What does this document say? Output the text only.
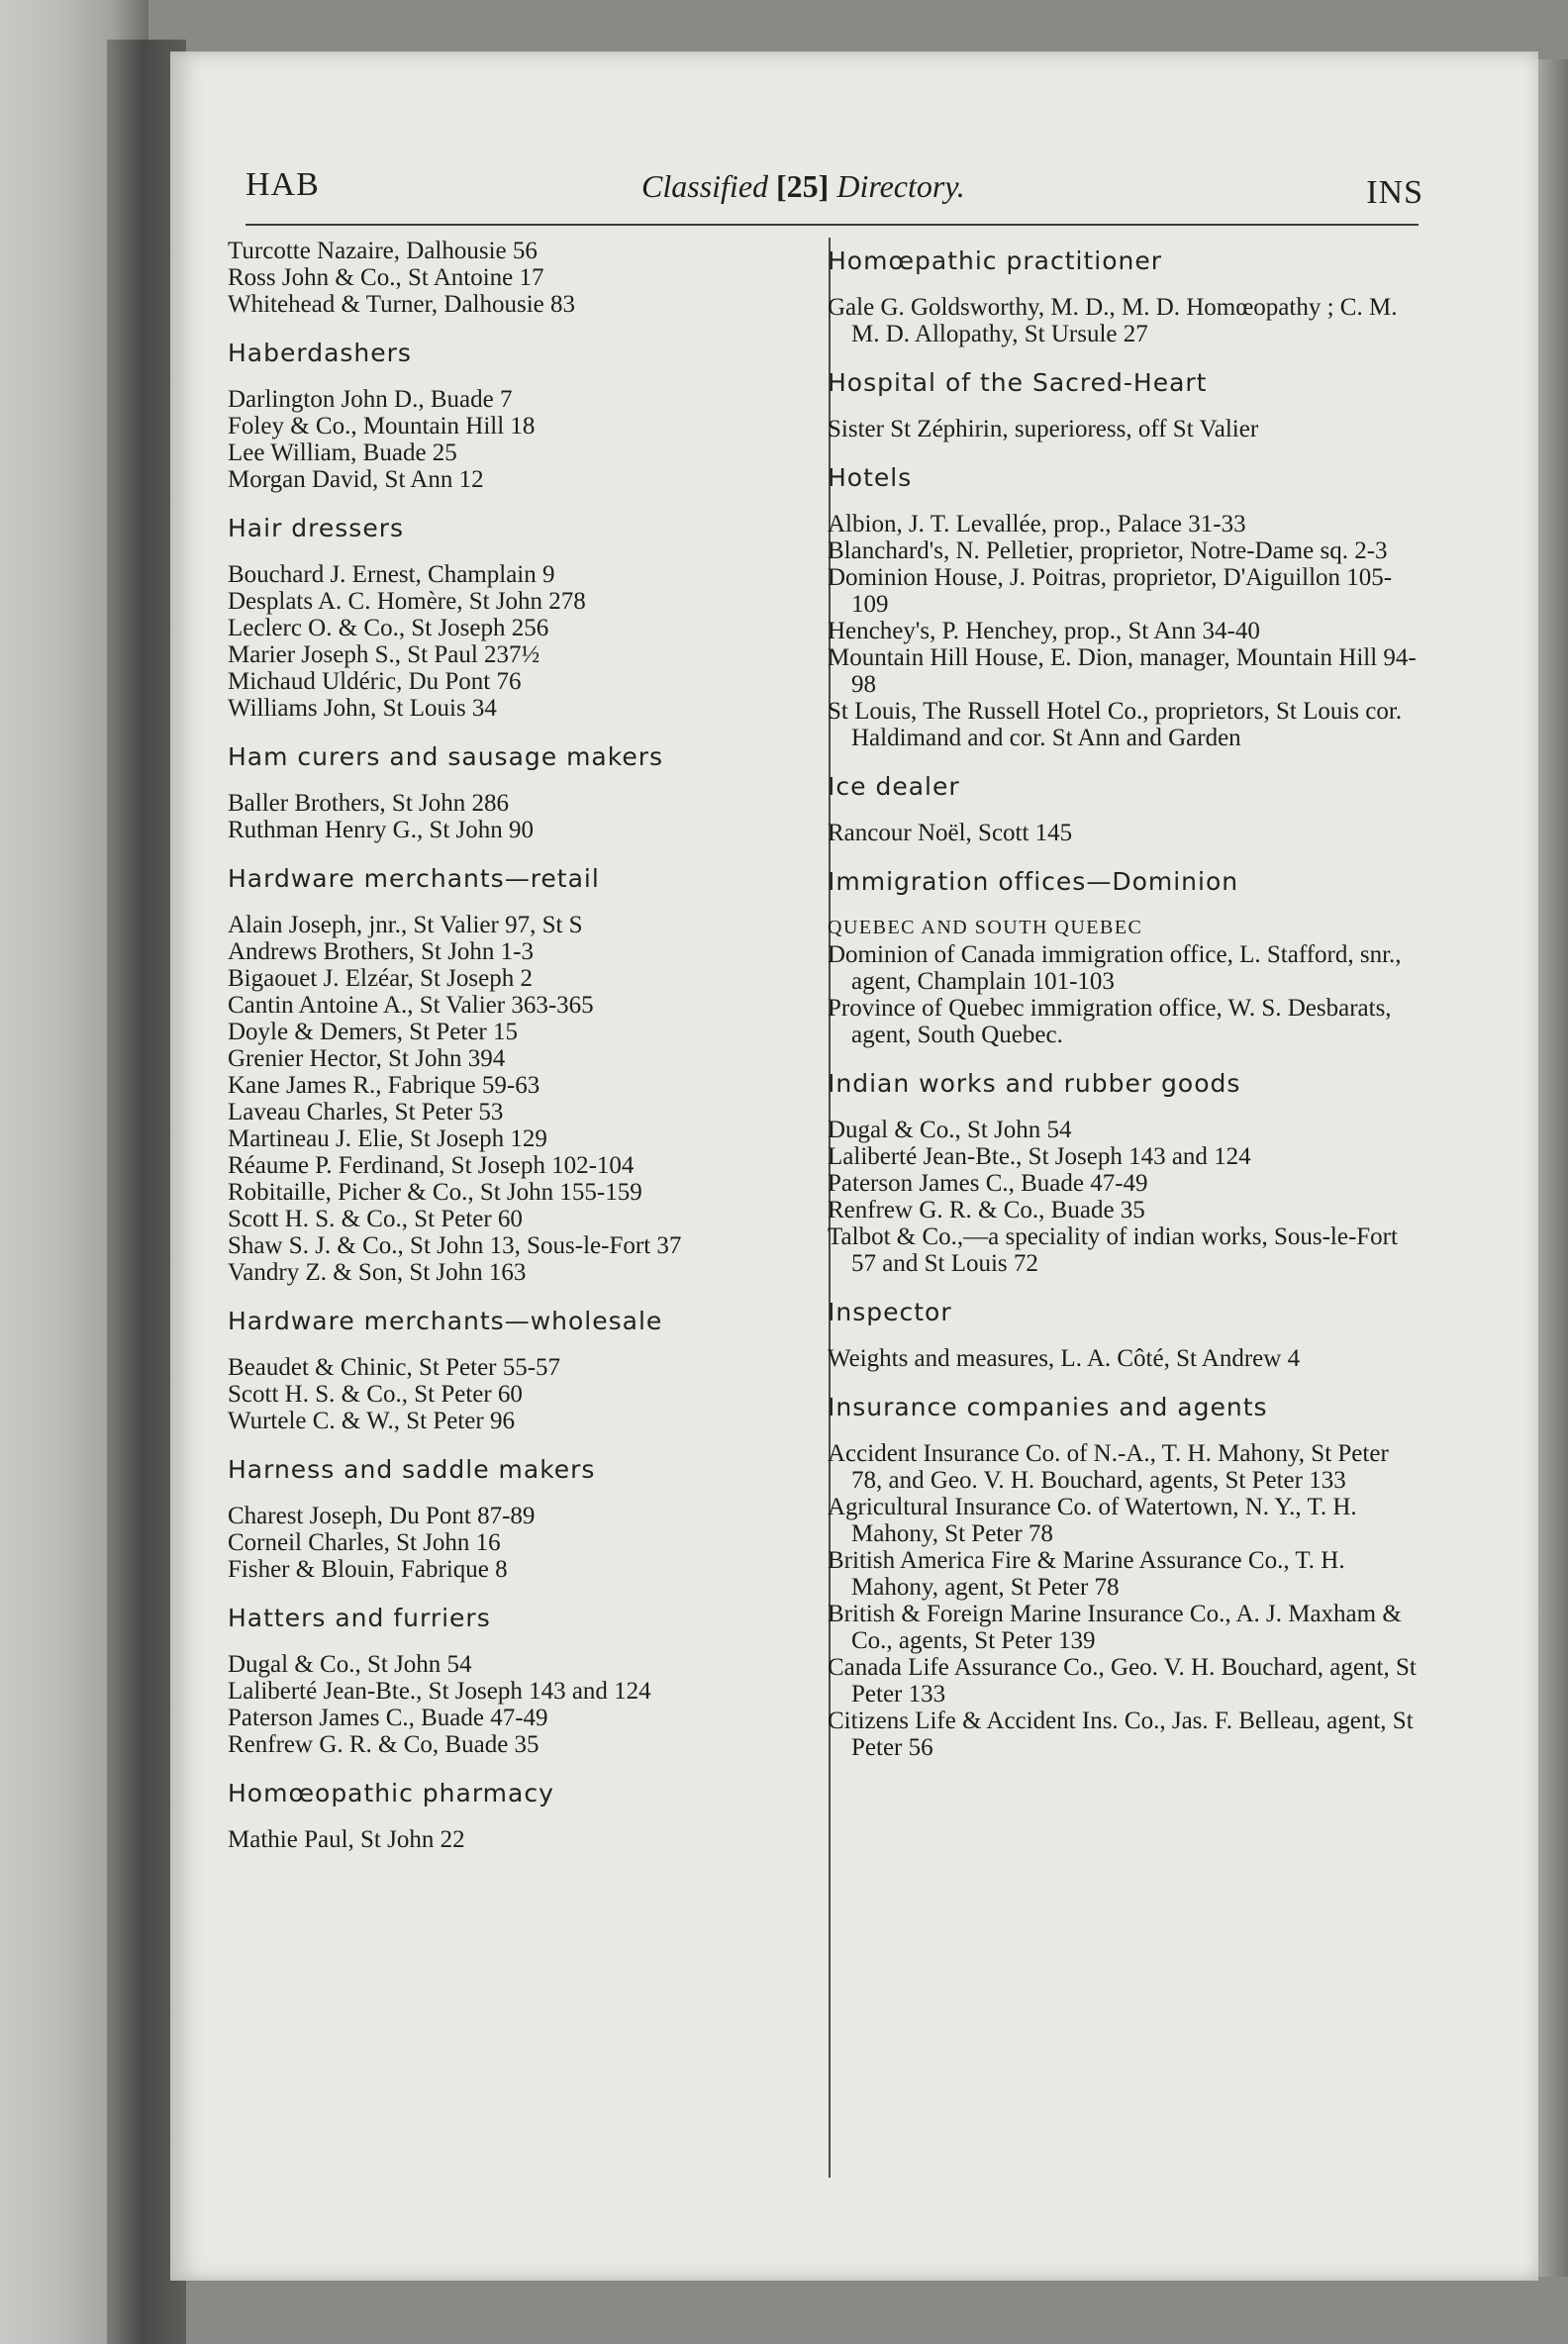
HAB	Classified [25] Directory.	INS
Turcotte Nazaire, Dalhousie 56
Ross John & Co., St Antoine 17
Whitehead & Turner, Dalhousie 83
Haberdashers
Darlington John D., Buade 7
Foley & Co., Mountain Hill 18
Lee William, Buade 25
Morgan David, St Ann 12
Hair dressers
Bouchard J. Ernest, Champlain 9
Desplats A. C. Homère, St John 278
Leclerc O. & Co., St Joseph 256
Marier Joseph S., St Paul 237½
Michaud Uldéric, Du Pont 76
Williams John, St Louis 34
Ham curers and sausage makers
Baller Brothers, St John 286
Ruthman Henry G., St John 90
Hardware merchants—retail
Alain Joseph, jnr., St Valier 97, St S
Andrews Brothers, St John 1-3
Bigaouet J. Elzéar, St Joseph 2
Cantin Antoine A., St Valier 363-365
Doyle & Demers, St Peter 15
Grenier Hector, St John 394
Kane James R., Fabrique 59-63
Laveau Charles, St Peter 53
Martineau J. Elie, St Joseph 129
Réaume P. Ferdinand, St Joseph 102-104
Robitaille, Picher & Co., St John 155-159
Scott H. S. & Co., St Peter 60
Shaw S. J. & Co., St John 13, Sous-le-Fort 37
Vandry Z. & Son, St John 163
Hardware merchants—wholesale
Beaudet & Chinic, St Peter 55-57
Scott H. S. & Co., St Peter 60
Wurtele C. & W., St Peter 96
Harness and saddle makers
Charest Joseph, Du Pont 87-89
Corneil Charles, St John 16
Fisher & Blouin, Fabrique 8
Hatters and furriers
Dugal & Co., St John 54
Laliberté Jean-Bte., St Joseph 143 and 124
Paterson James C., Buade 47-49
Renfrew G. R. & Co, Buade 35
Homœopathic pharmacy
Mathie Paul, St John 22
Homœpathic practitioner
Gale G. Goldsworthy, M. D., M. D. Homœopathy ; C. M. M. D. Allopathy, St Ursule 27
Hospital of the Sacred-Heart
Sister St Zéphirin, superioress, off St Valier
Hotels
Albion, J. T. Levallée, prop., Palace 31-33
Blanchard's, N. Pelletier, proprietor, Notre-Dame sq. 2-3
Dominion House, J. Poitras, proprietor, D'Aiguillon 105-109
Henchey's, P. Henchey, prop., St Ann 34-40
Mountain Hill House, E. Dion, manager, Mountain Hill 94-98
St Louis, The Russell Hotel Co., proprietors, St Louis cor. Haldimand and cor. St Ann and Garden
Ice dealer
Rancour Noël, Scott 145
Immigration offices—Dominion
QUEBEC AND SOUTH QUEBEC
Dominion of Canada immigration office, L. Stafford, snr., agent, Champlain 101-103
Province of Quebec immigration office, W. S. Desbarats, agent, South Quebec.
Indian works and rubber goods
Dugal & Co., St John 54
Laliberté Jean-Bte., St Joseph 143 and 124
Paterson James C., Buade 47-49
Renfrew G. R. & Co., Buade 35
Talbot & Co.,—a speciality of indian works, Sous-le-Fort 57 and St Louis 72
Inspector
Weights and measures, L. A. Côté, St Andrew 4
Insurance companies and agents
Accident Insurance Co. of N.-A., T. H. Mahony, St Peter 78, and Geo. V. H. Bouchard, agents, St Peter 133
Agricultural Insurance Co. of Watertown, N. Y., T. H. Mahony, St Peter 78
British America Fire & Marine Assurance Co., T. H. Mahony, agent, St Peter 78
British & Foreign Marine Insurance Co., A. J. Maxham & Co., agents, St Peter 139
Canada Life Assurance Co., Geo. V. H. Bouchard, agent, St Peter 133
Citizens Life & Accident Ins. Co., Jas. F. Belleau, agent, St Peter 56
